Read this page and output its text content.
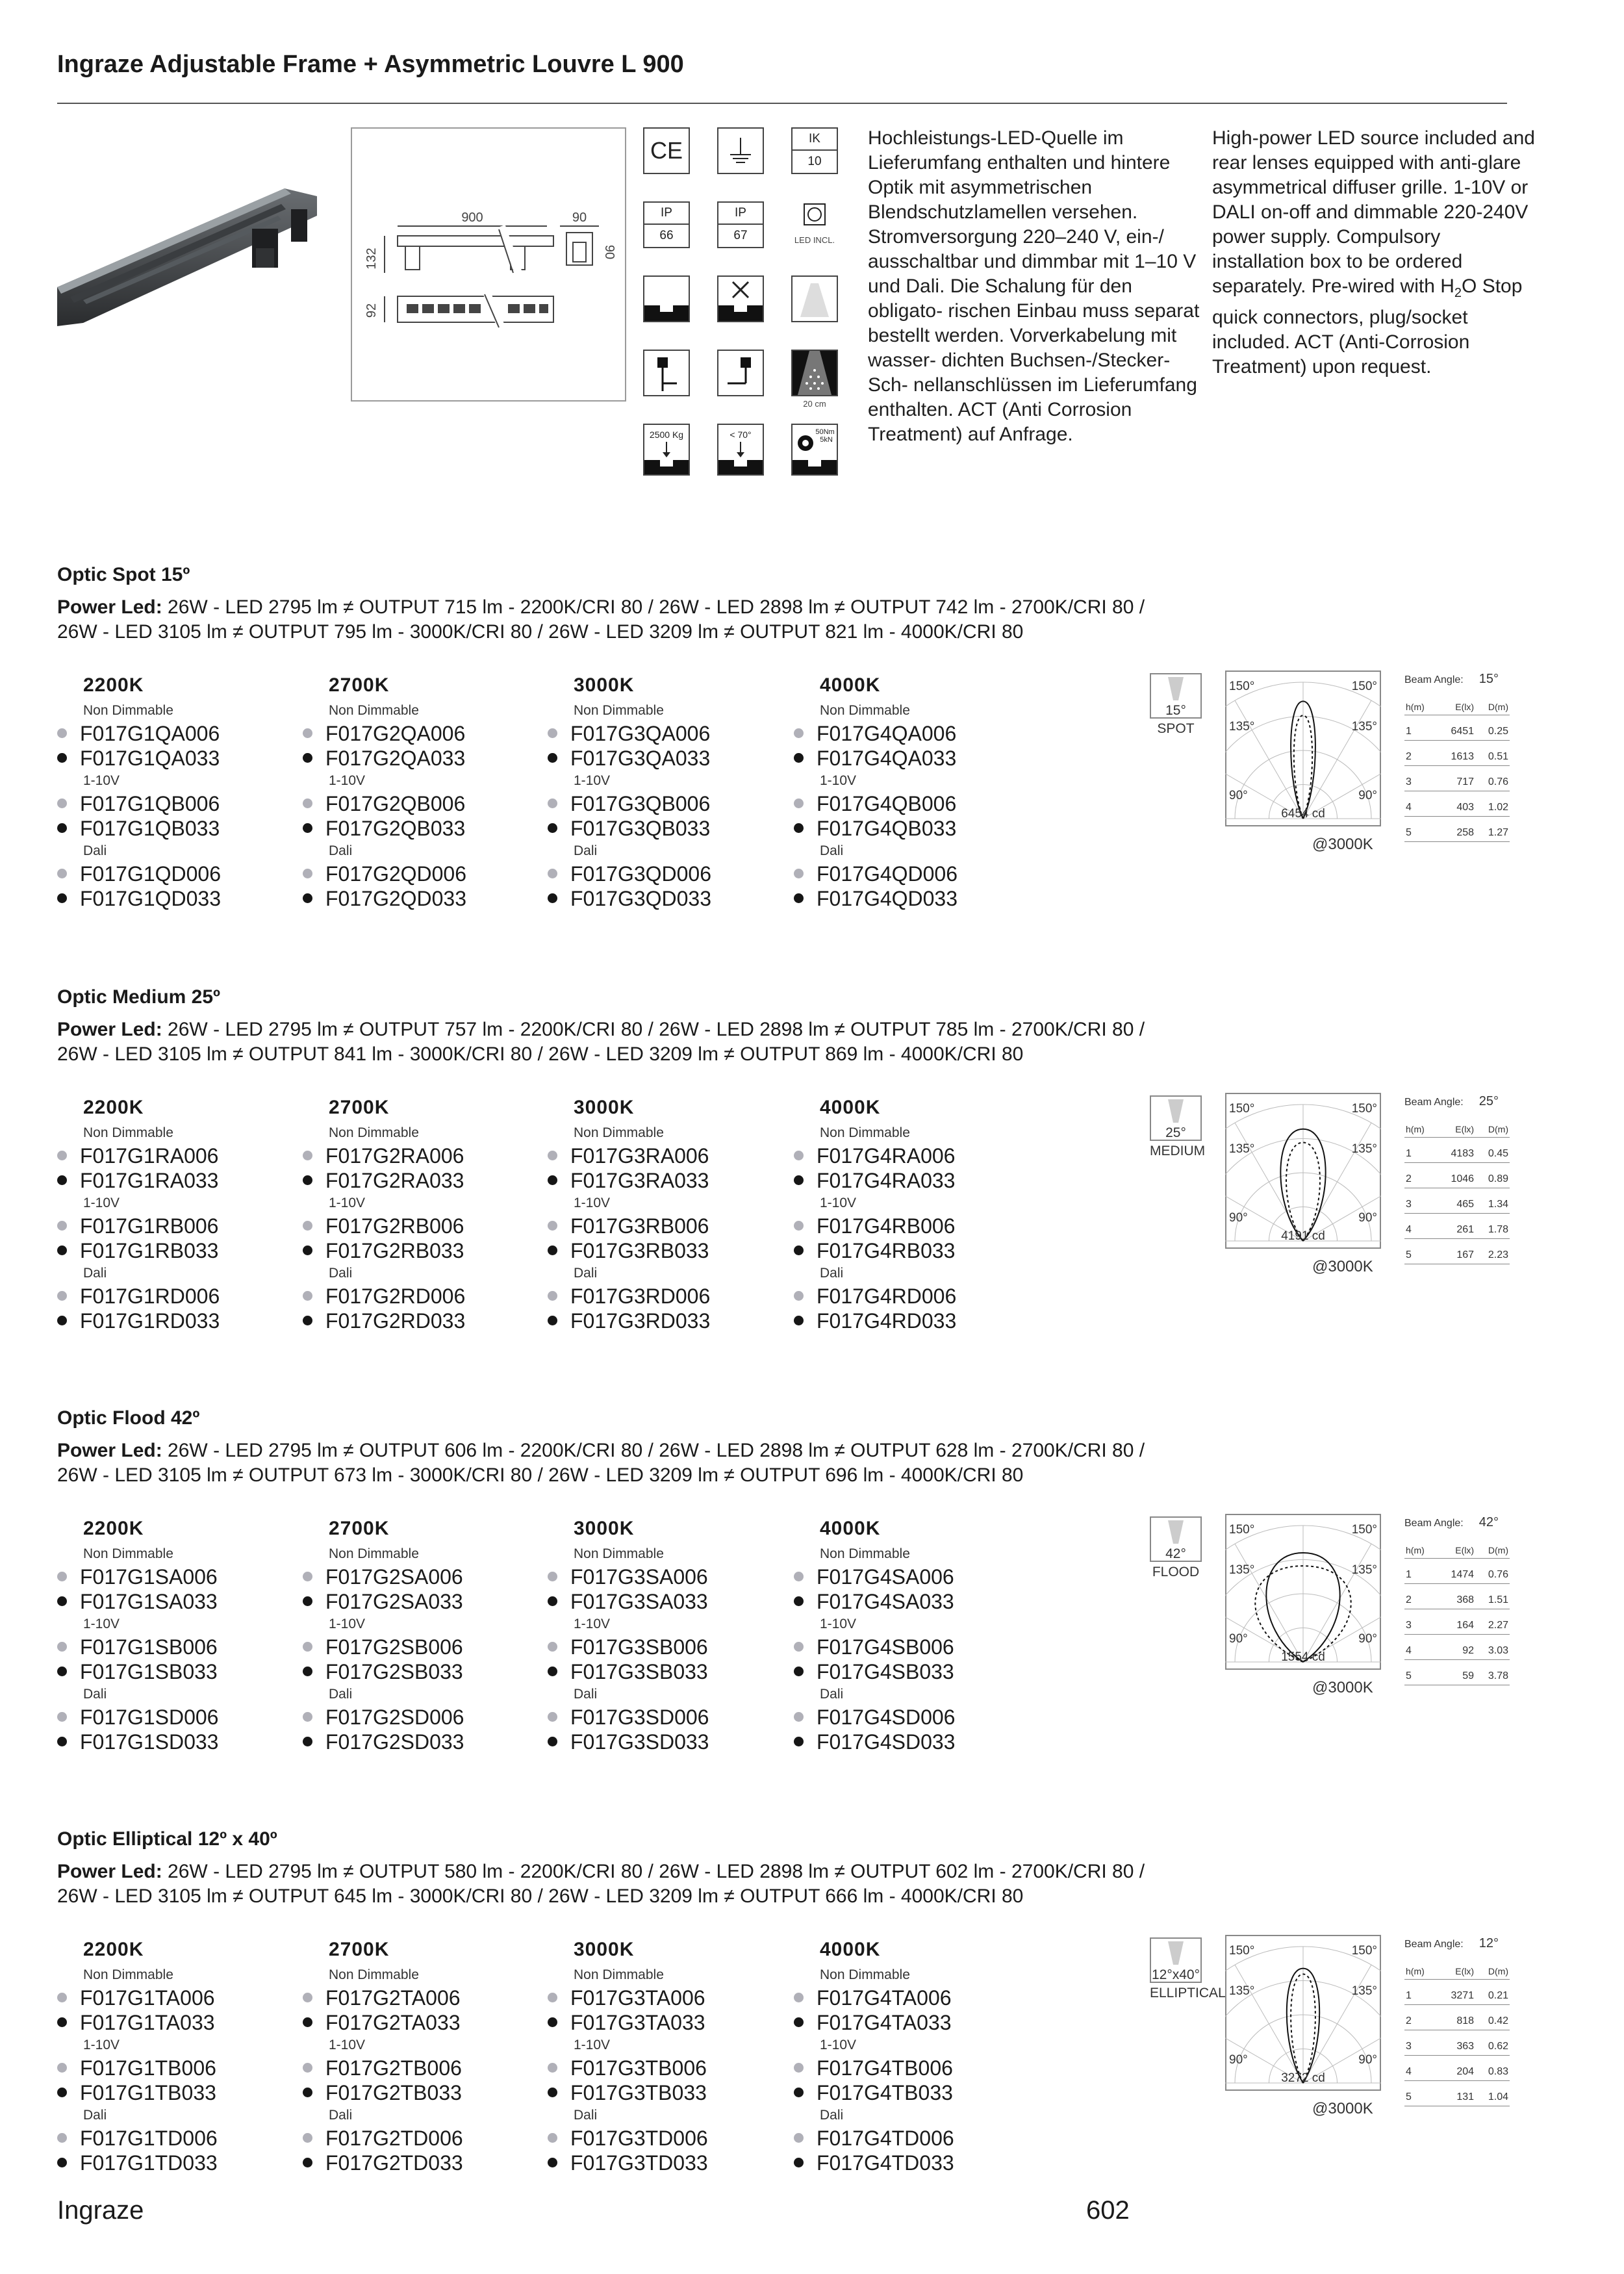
Ingraze Adjustable Frame + Asymmetric Louvre L 900
900	90
132	90
92
CE	IK
10
IP
66
IP
67	LED INCL.
20 cm
2500 Kg	< 70°	50Nm
5kN
Hochleistungs-LED-Quelle im Lieferumfang enthalten und hintere Optik mit asymmetrischen Blendschutzlamellen versehen. Stromversorgung 220–240 V, ein-/ ausschaltbar und dimmbar mit 1–10 V und Dali. Die Schalung für den obligato- rischen Einbau muss separat bestellt werden. Vorverkabelung mit wasser- dichten Buchsen-/Stecker-Sch- nellanschlüssen im Lieferumfang enthalten. ACT (Anti Corrosion Treatment) auf Anfrage.
High-power LED source included and rear lenses equipped with anti-glare asymmetrical diffuser grille. 1-10V or DALI on-off and dimmable 220-240V power supply. Compulsory installation box to be ordered separately. Pre-wired with $H_2O$ Stop quick connectors, plug/socket included. ACT (Anti-Corrosion Treatment) upon request.
Optic Spot 15º
Power Led: 26W - LED 2795 lm ≠ OUTPUT 715 lm - 2200K/CRI 80 / 26W - LED 2898 lm ≠ OUTPUT 742 lm - 2700K/CRI 80 /
26W - LED 3105 lm ≠ OUTPUT 795 lm - 3000K/CRI 80 / 26W - LED 3209 lm ≠ OUTPUT 821 lm - 4000K/CRI 80
2200K
Non Dimmable
F017G1QA006
F017G1QA033
1-10V
F017G1QB006
F017G1QB033
Dali
F017G1QD006
F017G1QD033
2700K
Non Dimmable
F017G2QA006
F017G2QA033
1-10V
F017G2QB006
F017G2QB033
Dali
F017G2QD006
F017G2QD033
3000K
Non Dimmable
F017G3QA006
F017G3QA033
1-10V
F017G3QB006
F017G3QB033
Dali
F017G3QD006
F017G3QD033
4000K
Non Dimmable
F017G4QA006
F017G4QA033
1-10V
F017G4QB006
F017G4QB033
Dali
F017G4QD006
F017G4QD033
15°
SPOT
150°	150°
135°	135°
90°	90°
6454 cd
@3000K
Beam Angle: 15°
h(m)	E(lx)	D(m)
1	6451	0.25
2	1613	0.51
3	717	0.76
4	403	1.02
5	258	1.27
Optic Medium 25º
Power Led: 26W - LED 2795 lm ≠ OUTPUT 757 lm - 2200K/CRI 80 / 26W - LED 2898 lm ≠ OUTPUT 785 lm - 2700K/CRI 80 /
26W - LED 3105 lm ≠ OUTPUT 841 lm - 3000K/CRI 80 / 26W - LED 3209 lm ≠ OUTPUT 869 lm - 4000K/CRI 80
2200K
Non Dimmable
F017G1RA006
F017G1RA033
1-10V
F017G1RB006
F017G1RB033
Dali
F017G1RD006
F017G1RD033
2700K
Non Dimmable
F017G2RA006
F017G2RA033
1-10V
F017G2RB006
F017G2RB033
Dali
F017G2RD006
F017G2RD033
3000K
Non Dimmable
F017G3RA006
F017G3RA033
1-10V
F017G3RB006
F017G3RB033
Dali
F017G3RD006
F017G3RD033
4000K
Non Dimmable
F017G4RA006
F017G4RA033
1-10V
F017G4RB006
F017G4RB033
Dali
F017G4RD006
F017G4RD033
25°
MEDIUM
150°	150°
135°	135°
90°	90°
4191 cd
@3000K
Beam Angle: 25°
h(m)	E(lx)	D(m)
1	4183	0.45
2	1046	0.89
3	465	1.34
4	261	1.78
5	167	2.23
Optic Flood 42º
Power Led: 26W - LED 2795 lm ≠ OUTPUT 606 lm - 2200K/CRI 80 / 26W - LED 2898 lm ≠ OUTPUT 628 lm - 2700K/CRI 80 /
26W - LED 3105 lm ≠ OUTPUT 673 lm - 3000K/CRI 80 / 26W - LED 3209 lm ≠ OUTPUT 696 lm - 4000K/CRI 80
2200K
Non Dimmable
F017G1SA006
F017G1SA033
1-10V
F017G1SB006
F017G1SB033
Dali
F017G1SD006
F017G1SD033
2700K
Non Dimmable
F017G2SA006
F017G2SA033
1-10V
F017G2SB006
F017G2SB033
Dali
F017G2SD006
F017G2SD033
3000K
Non Dimmable
F017G3SA006
F017G3SA033
1-10V
F017G3SB006
F017G3SB033
Dali
F017G3SD006
F017G3SD033
4000K
Non Dimmable
F017G4SA006
F017G4SA033
1-10V
F017G4SB006
F017G4SB033
Dali
F017G4SD006
F017G4SD033
42°
FLOOD
150°	150°
135°	135°
90°	90°
1554 cd
@3000K
Beam Angle: 42°
h(m)	E(lx)	D(m)
1	1474	0.76
2	368	1.51
3	164	2.27
4	92	3.03
5	59	3.78
Optic Elliptical 12º x 40º
Power Led: 26W - LED 2795 lm ≠ OUTPUT 580 lm - 2200K/CRI 80 / 26W - LED 2898 lm ≠ OUTPUT 602 lm - 2700K/CRI 80 /
26W - LED 3105 lm ≠ OUTPUT 645 lm - 3000K/CRI 80 / 26W - LED 3209 lm ≠ OUTPUT 666 lm - 4000K/CRI 80
2200K
Non Dimmable
F017G1TA006
F017G1TA033
1-10V
F017G1TB006
F017G1TB033
Dali
F017G1TD006
F017G1TD033
2700K
Non Dimmable
F017G2TA006
F017G2TA033
1-10V
F017G2TB006
F017G2TB033
Dali
F017G2TD006
F017G2TD033
3000K
Non Dimmable
F017G3TA006
F017G3TA033
1-10V
F017G3TB006
F017G3TB033
Dali
F017G3TD006
F017G3TD033
4000K
Non Dimmable
F017G4TA006
F017G4TA033
1-10V
F017G4TB006
F017G4TB033
Dali
F017G4TD006
F017G4TD033
12°x40°
ELLIPTICAL
150°	150°
135°	135°
90°	90°
3272 cd
@3000K
Beam Angle: 12°
h(m)	E(lx)	D(m)
1	3271	0.21
2	818	0.42
3	363	0.62
4	204	0.83
5	131	1.04
Ingraze	602
